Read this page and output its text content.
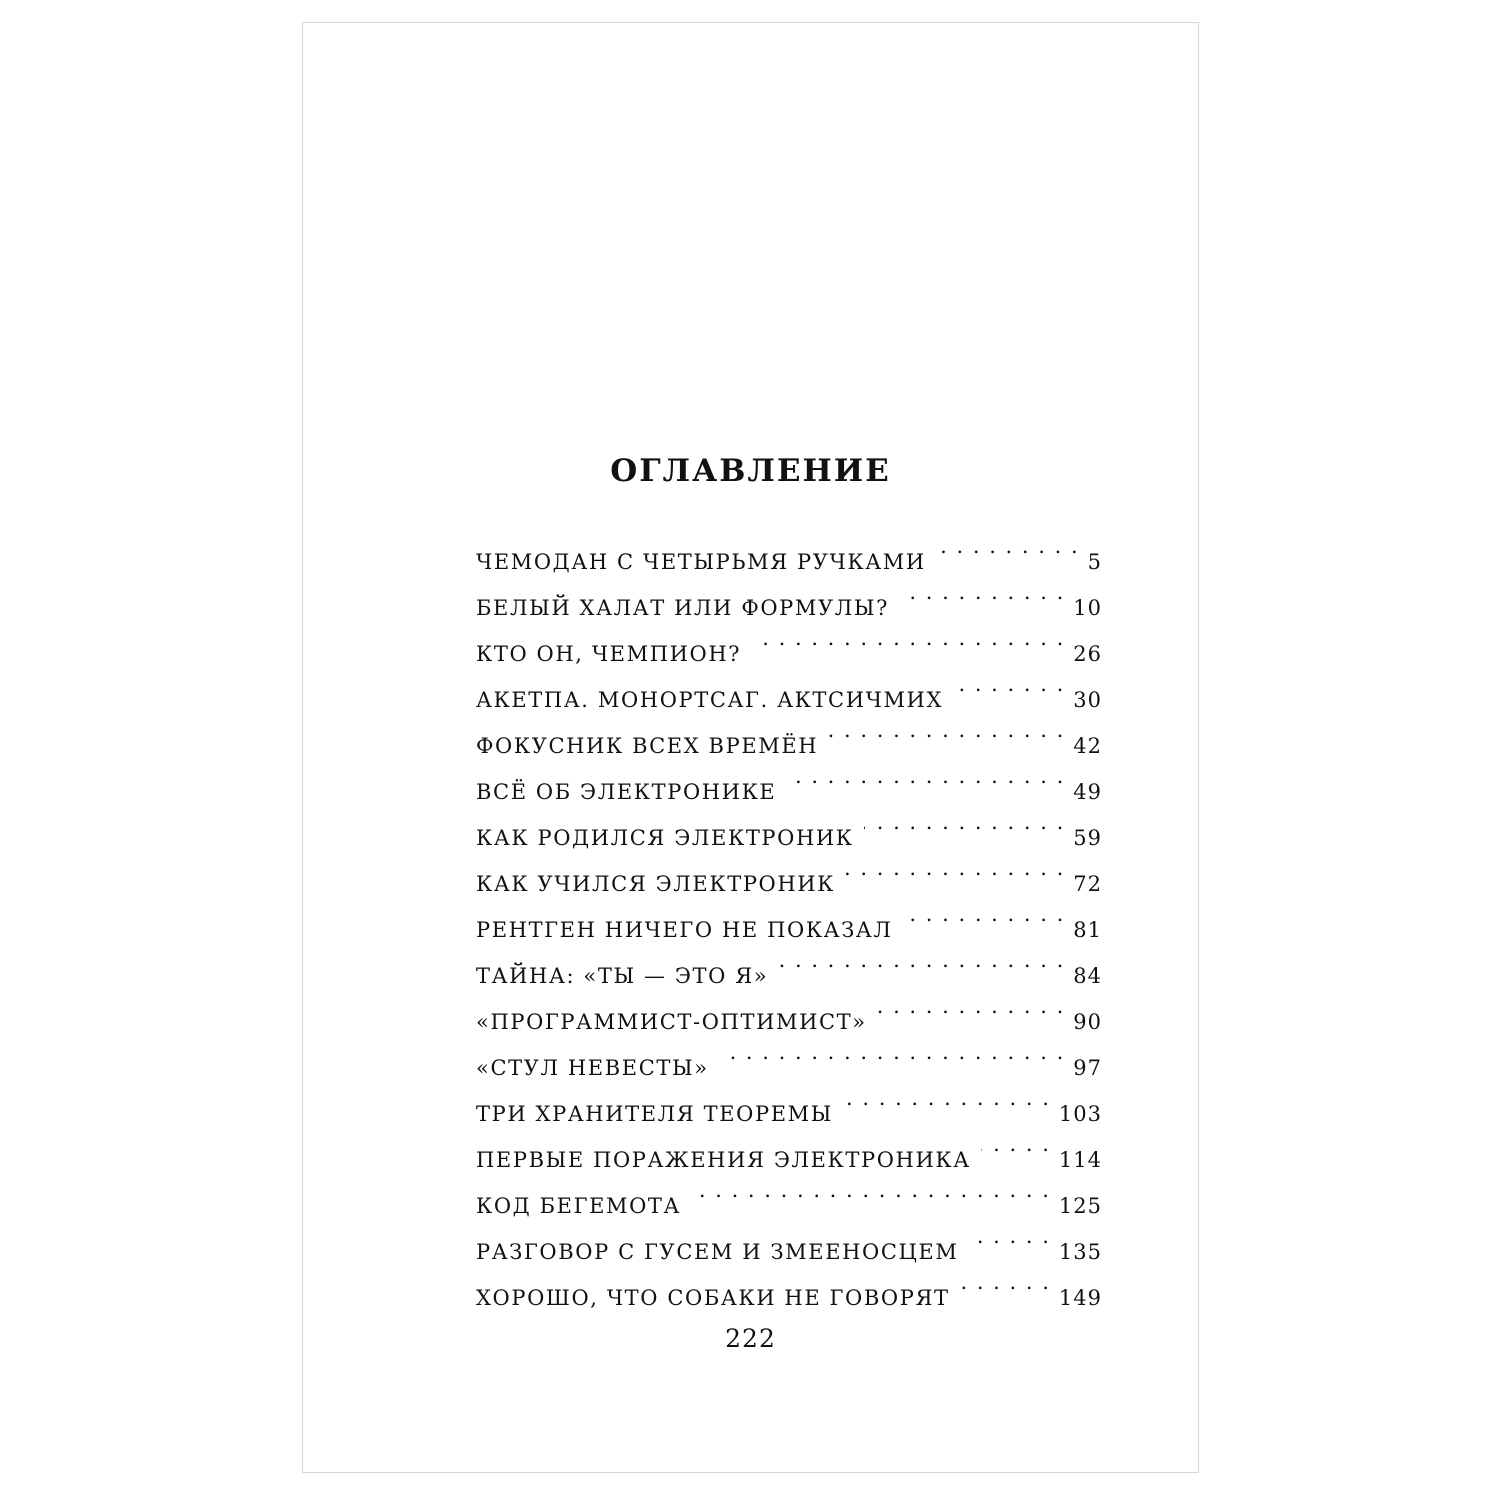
ОГЛАВЛЕНИЕ
ЧЕМОДАН С ЧЕТЫРЬМЯ РУЧКАМИ . . .	5
БЕЛЫЙ ХАЛАТ ИЛИ ФОРМУЛЫ? . . .	10
КТО ОН, ЧЕМПИОН? . . .	26
АКЕТПА. МОНОРТСАГ. АКТСИЧМИХ . . .	30
ФОКУСНИК ВСЕХ ВРЕМЁН . . .	42
ВСЁ ОБ ЭЛЕКТРОНИКЕ . . .	49
КАК РОДИЛСЯ ЭЛЕКТРОНИК . . .	59
КАК УЧИЛСЯ ЭЛЕКТРОНИК . . .	72
РЕНТГЕН НИЧЕГО НЕ ПОКАЗАЛ . . .	81
ТАЙНА: «ТЫ — ЭТО Я» . . .	84
«ПРОГРАММИСТ-ОПТИМИСТ» . . .	90
«СТУЛ НЕВЕСТЫ» . . .	97
ТРИ ХРАНИТЕЛЯ ТЕОРЕМЫ . . .	103
ПЕРВЫЕ ПОРАЖЕНИЯ ЭЛЕКТРОНИКА . . .	114
КОД БЕГЕМОТА . . .	125
РАЗГОВОР С ГУСЕМ И ЗМЕЕНОСЦЕМ . . .	135
ХОРОШО, ЧТО СОБАКИ НЕ ГОВОРЯТ . . .	149

222
